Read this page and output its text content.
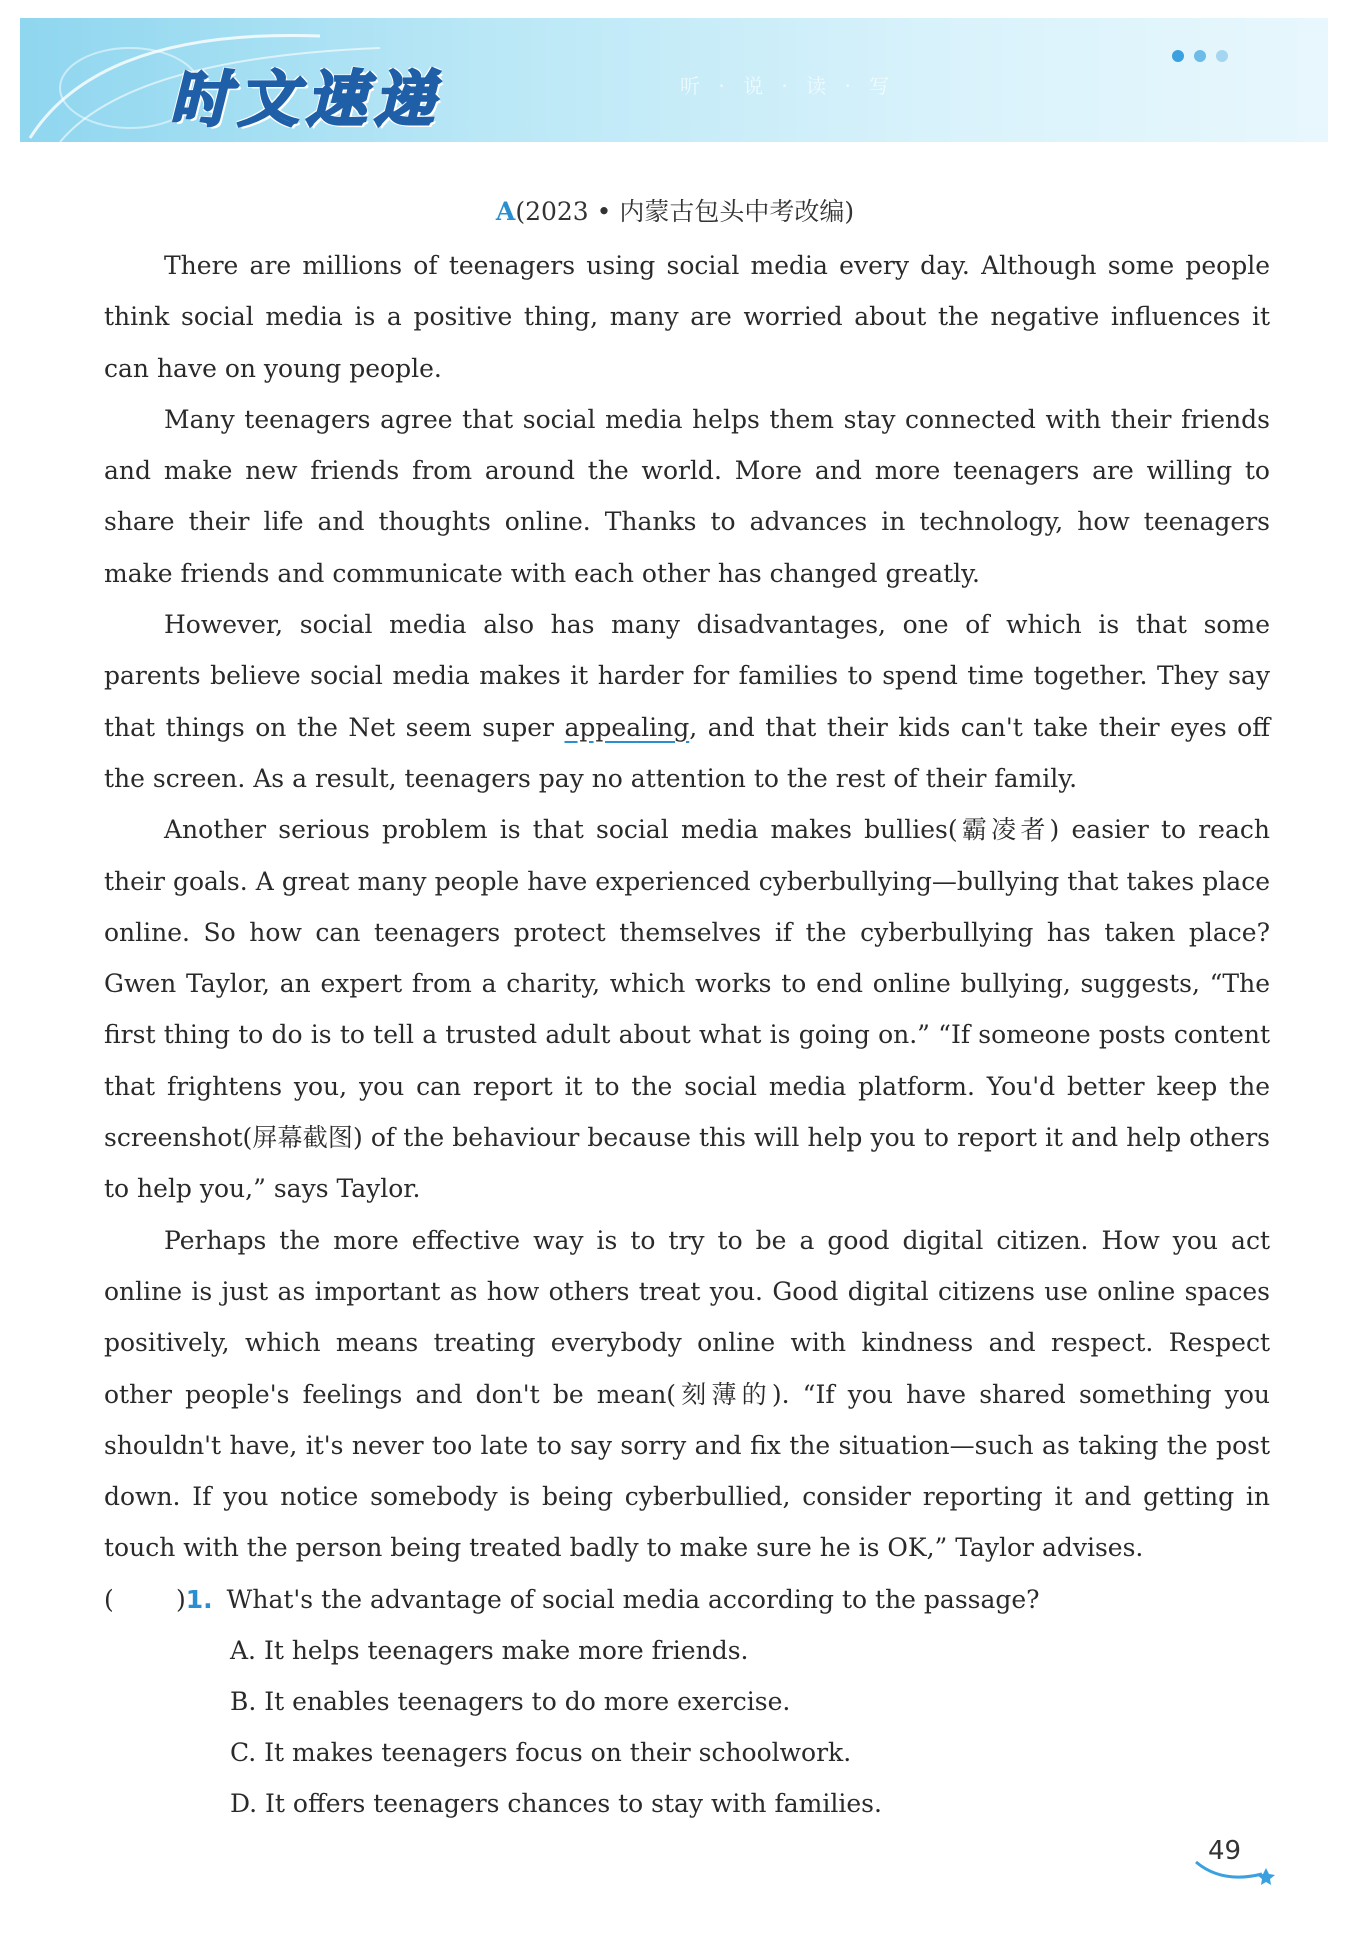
时文速递	听 · 说 · 读 · 写
A(2023 • 内蒙古包头中考改编)

There are millions of teenagers using social media every day. Although some people think social media is a positive thing, many are worried about the negative influences it can have on young people.

Many teenagers agree that social media helps them stay connected with their friends and make new friends from around the world. More and more teenagers are willing to share their life and thoughts online. Thanks to advances in technology, how teenagers make friends and communicate with each other has changed greatly.

However, social media also has many disadvantages, one of which is that some parents believe social media makes it harder for families to spend time together. They say that things on the Net seem super appealing, and that their kids can't take their eyes off the screen. As a result, teenagers pay no attention to the rest of their family.

Another serious problem is that social media makes bullies(霸凌者) easier to reach their goals. A great many people have experienced cyberbullying—bullying that takes place online. So how can teenagers protect themselves if the cyberbullying has taken place? Gwen Taylor, an expert from a charity, which works to end online bullying, suggests, “The first thing to do is to tell a trusted adult about what is going on.” “If someone posts content that frightens you, you can report it to the social media platform. You'd better keep the screenshot(屏幕截图) of the behaviour because this will help you to report it and help others to help you,” says Taylor.

Perhaps the more effective way is to try to be a good digital citizen. How you act online is just as important as how others treat you. Good digital citizens use online spaces positively, which means treating everybody online with kindness and respect. Respect other people's feelings and don't be mean(刻薄的). “If you have shared something you shouldn't have, it's never too late to say sorry and fix the situation—such as taking the post down. If you notice somebody is being cyberbullied, consider reporting it and getting in touch with the person being treated badly to make sure he is OK,” Taylor advises.

(	) 1. What's the advantage of social media according to the passage?
A. It helps teenagers make more friends.
B. It enables teenagers to do more exercise.
C. It makes teenagers focus on their schoolwork.
D. It offers teenagers chances to stay with families.
49
